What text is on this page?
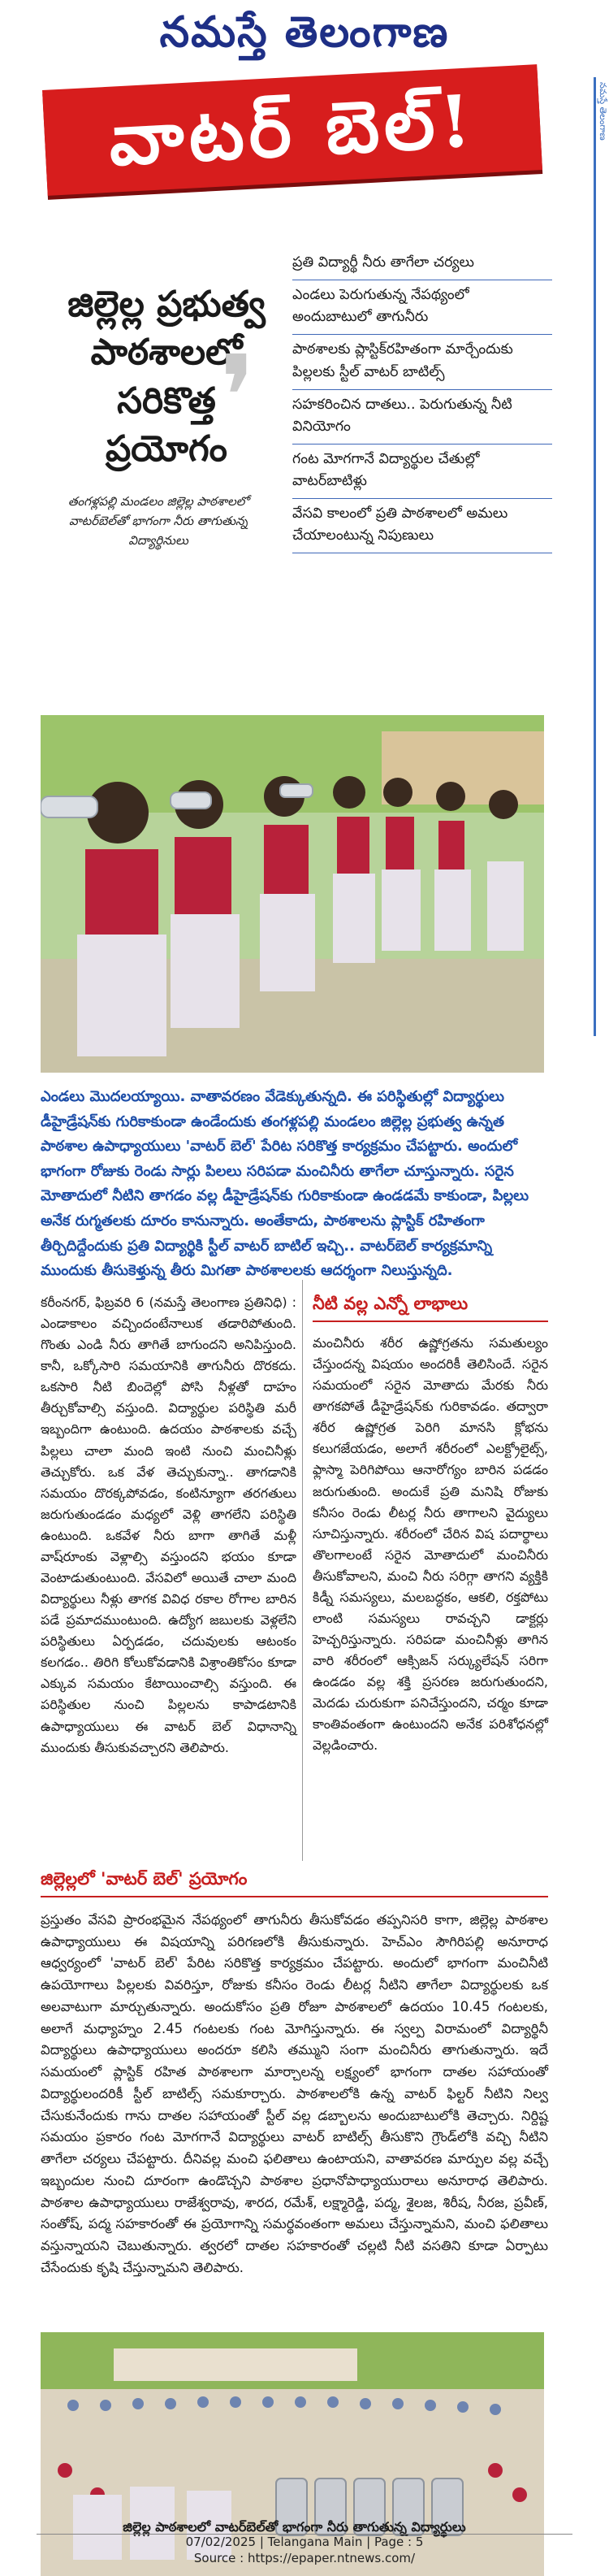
నమస్తే తెలంగాణ
నమస్తే తెలంగాణ
వాటర్ బెల్!
జిల్లెల్ల ప్రభుత్వ
పాఠశాలలో
సరికొత్త
ప్రయోగం
❜
తంగళ్లపల్లి మండలం జిల్లెల్ల పాఠశాలలో వాటర్‌బెల్‌తో భాగంగా నీరు తాగుతున్న విద్యార్థినులు
ప్రతి విద్యార్థీ నీరు తాగేలా చర్యలు
ఎండలు పెరుగుతున్న నేపథ్యంలో అందుబాటులో తాగునీరు
పాఠశాలకు ప్లాస్టిక్‌రహితంగా మార్చేందుకు పిల్లలకు స్టీల్ వాటర్ బాటిల్స్
సహకరించిన దాతలు.. పెరుగుతున్న నీటి వినియోగం
గంట మోగగానే విద్యార్థుల చేతుల్లో వాటర్‌బాటిళ్లు
వేసవి కాలంలో ప్రతి పాఠశాలలో అమలు చేయాలంటున్న నిపుణులు
ఎండలు మొదలయ్యాయి. వాతావరణం వేడెక్కుతున్నది. ఈ పరిస్థితుల్లో విద్యార్థులు డీహైడ్రేషన్‌కు గురికాకుండా ఉండేందుకు తంగళ్లపల్లి మండలం జిల్లెల్ల ప్రభుత్వ ఉన్నత పాఠశాల ఉపాధ్యాయులు 'వాటర్ బెల్' పేరిట సరికొత్త కార్యక్రమం చేపట్టారు. అందులో భాగంగా రోజుకు రెండు సార్లు పిలలు సరిపడా మంచినీరు తాగేలా చూస్తున్నారు. సరైన మోతాదులో నీటిని తాగడం వల్ల డీహైడ్రేషన్‌కు గురికాకుండా ఉండడమే కాకుండా, పిల్లలు అనేక రుగ్మతలకు దూరం కానున్నారు. అంతేకాదు, పాఠశాలను ప్లాస్టిక్ రహితంగా తీర్చిదిద్దేందుకు ప్రతి విద్యార్థికి స్టీల్ వాటర్ బాటిల్ ఇచ్చి.. వాటర్‌బెల్ కార్యక్రమాన్ని ముందుకు తీసుకెళ్తున్న తీరు మిగతా పాఠశాలలకు ఆదర్శంగా నిలుస్తున్నది.
కరీంనగర్, ఫిబ్రవరి 6 (నమస్తే తెలంగాణ ప్రతినిధి) : ఎండాకాలం వచ్చిందంటేనాలుక తడారిపోతుంది. గొంతు ఎండి నీరు తాగితే బాగుందని అనిపిస్తుంది. కానీ, ఒక్కోసారి సమయానికి తాగునీరు దొరకదు. ఒకసారి నీటి బిందెల్లో పోసి నీళ్లతో దాహం తీర్చుకోవాల్సి వస్తుంది. విద్యార్థుల పరిస్థితి మరీ ఇబ్బందిగా ఉంటుంది. ఉదయం పాఠశాలకు వచ్చే పిల్లలు చాలా మంది ఇంటి నుంచి మంచినీళ్లు తెచ్చుకోరు. ఒక వేళ తెచ్చుకున్నా.. తాగడానికి సమయం దొరక్కపోవడం, కంటిన్యూగా తరగతులు జరుగుతుండడం మధ్యలో వెళ్లి తాగలేని పరిస్థితి ఉంటుంది. ఒకవేళ నీరు బాగా తాగితే మళ్లీ వాష్‌రూంకు వెళ్లాల్సి వస్తుందని భయం కూడా వెంటాడుతుంటుంది. వేసవిలో అయితే చాలా మంది విద్యార్థులు నీళ్లు తాగక వివిధ రకాల రోగాల బారిన పడే ప్రమాదముంటుంది. ఉద్యోగ జబులకు వెళ్లలేని పరిస్థితులు ఏర్పడడం, చదువులకు ఆటంకం కలగడం.. తిరిగి కోలుకోవడానికి విశ్రాంతికోసం కూడా ఎక్కువ సమయం కేటాయించాల్సి వస్తుంది. ఈ పరిస్థితుల నుంచి పిల్లలను కాపాడటానికి ఉపాధ్యాయులు ఈ వాటర్ బెల్ విధానాన్ని ముందుకు తీసుకువచ్చారని తెలిపారు.
నీటి వల్ల ఎన్నో లాభాలు
మంచినీరు శరీర ఉష్ణోగ్రతను సమతుల్యం చేస్తుందన్న విషయం అందరికీ తెలిసిందే. సరైన సమయంలో సరైన మోతాదు మేరకు నీరు తాగకపోతే డీహైడ్రేషన్‌కు గురికావడం. తద్వారా శరీర ఉష్ణోగ్రత పెరిగి మానసి క్లోభను కలుగజేయడం, అలాగే శరీరంలో ఎలక్ట్రోలైట్స్, ఫ్లాస్మా పెరిగిపోయి ఆనారోగ్యం బారిన పడడం జరుగుతుంది. అందుకే ప్రతి మనిషి రోజుకు కనీసం రెండు లీటర్ల నీరు తాగాలని వైద్యులు సూచిస్తున్నారు. శరీరంలో చేరిన విష పదార్థాలు తొలగాలంటే సరైన మోతాదులో మంచినీరు తీసుకోవాలని, మంచి నీరు సరిగ్గా తాగని వ్యక్తికి కిడ్నీ సమస్యలు, మలబద్ధకం, ఆకలి, రక్తపోటు లాంటి సమస్యలు రావచ్చని డాక్టర్లు హెచ్చరిస్తున్నారు. సరిపడా మంచినీళ్లు తాగిన వారి శరీరంలో ఆక్సిజన్ సర్క్యులేషన్ సరిగా ఉండడం వల్ల శక్తి ప్రసరణ జరుగుతుందని, మెదడు చురుకుగా పనిచేస్తుందని, చర్మం కూడా కాంతివంతంగా ఉంటుందని అనేక పరిశోధనల్లో వెల్లడించారు.
జిల్లెల్లలో 'వాటర్ బెల్' ప్రయోగం
ప్రస్తుతం వేసవి ప్రారంభమైన నేపథ్యంలో తాగునీరు తీసుకోవడం తప్పనిసరి కాగా, జిల్లెల్ల పాఠశాల ఉపాధ్యాయులు ఈ విషయాన్ని పరిగణలోకి తీసుకున్నారు. హెచ్‌ఎం సౌగిరిపల్లి అనూరాధ ఆధ్వర్యంలో 'వాటర్ బెల్' పేరిట సరికొత్త కార్యక్రమం చేపట్టారు. అందులో భాగంగా మంచినీటి ఉపయోగాలు పిల్లలకు వివరిస్తూ, రోజుకు కనీసం రెండు లీటర్ల నీటిని తాగేలా విద్యార్థులకు ఒక అలవాటుగా మార్చుతున్నారు. అందుకోసం ప్రతి రోజూ పాఠశాలలో ఉదయం 10.45 గంటలకు, అలాగే మధ్యాహ్నం 2.45 గంటలకు గంట మోగిస్తున్నారు. ఈ స్వల్ప విరామంలో విద్యార్థినీ విద్యార్థులు ఉపాధ్యాయులు అందరూ కలిసి తమ్ముని సంగా మంచినీరు తాగుతున్నారు. ఇదే సమయంలో ప్లాస్టిక్ రహిత పాఠశాలగా మార్చాలన్న లక్ష్యంలో భాగంగా దాతల సహాయంతో విద్యార్థులందరికీ స్టీల్ బాటిల్స్ సమకూర్చారు. పాఠశాలలోకి ఉన్న వాటర్ ఫిల్టర్ నీటిని నిల్వ చేసుకునేందుకు గాను దాతల సహాయంతో స్టీల్ వల్ల డబ్బాలను అందుబాటులోకి తెచ్చారు. నిర్దిష్ట సమయం ప్రకారం గంట మోగగానే విద్యార్థులు వాటర్ బాటిల్స్ తీసుకొని గ్రౌండ్‌లోకి వచ్చి నీటిని తాగేలా చర్యలు చేపట్టారు. దీనివల్ల మంచి ఫలితాలు ఉంటాయని, వాతావరణ మార్పుల వల్ల వచ్చే ఇబ్బందుల నుంచి దూరంగా ఉండొచ్చని పాఠశాల ప్రధానోపాధ్యాయురాలు అనూరాధ తెలిపారు. పాఠశాల ఉపాధ్యాయులు రాజేశ్వరావు, శారద, రమేశ్, లక్ష్మారెడ్డి, పద్మ, శైలజ, శిరీష, నీరజ, ప్రవీణ్, సంతోష్, పద్మ సహకారంతో ఈ ప్రయోగాన్ని సమర్థవంతంగా అమలు చేస్తున్నామని, మంచి ఫలితాలు వస్తున్నాయని చెబుతున్నారు. త్వరలో దాతల సహకారంతో చల్లటి నీటి వసతిని కూడా ఏర్పాటు చేసేందుకు కృషి చేస్తున్నామని తెలిపారు.
జిల్లెల్ల పాఠశాలలో వాటర్‌బెల్‌తో భాగంగా నీరు తాగుతున్న విద్యార్థులు
07/02/2025 | Telangana Main | Page : 5
Source : https://epaper.ntnews.com/
